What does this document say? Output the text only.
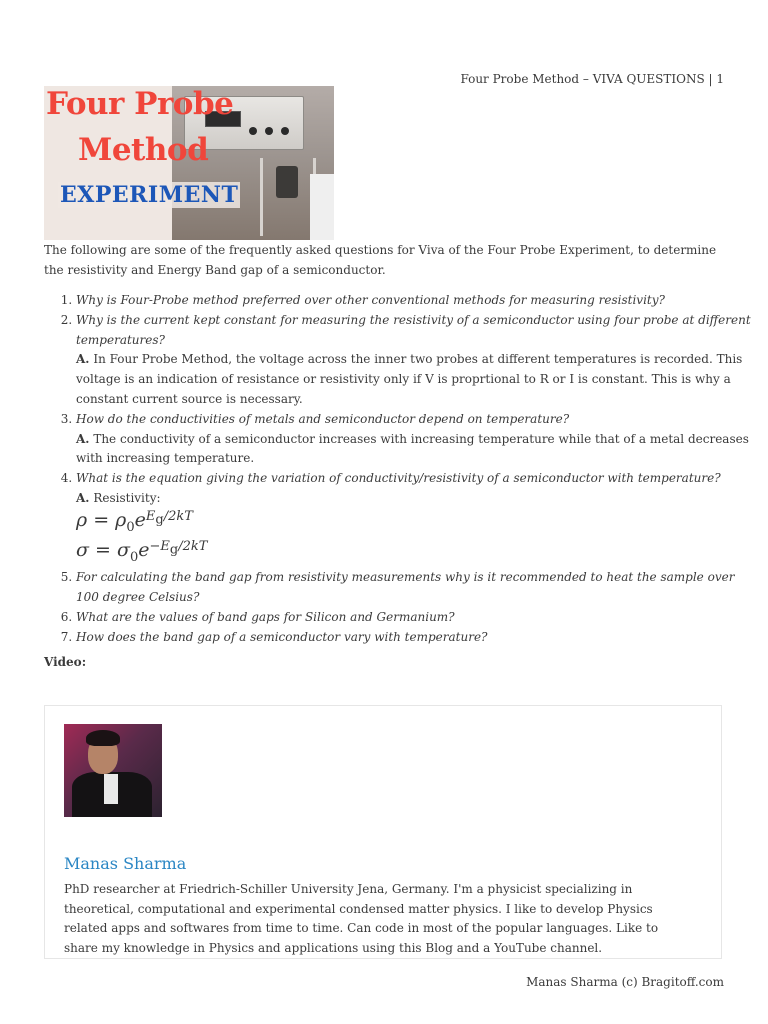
Four Probe Method – VIVA QUESTIONS | 1
Four Probe
Method
EXPERIMENT

The following are some of the frequently asked questions for Viva of the Four Probe Experiment, to determine the resistivity and Energy Band gap of a semiconductor.

1. Why is Four-Probe method preferred over other conventional methods for measuring resistivity?
2. Why is the current kept constant for measuring the resistivity of a semiconductor using four probe at different temperatures?
A. In Four Probe Method, the voltage across the inner two probes at different temperatures is recorded. This voltage is an indication of resistance or resistivity only if V is proprtional to R or I is constant. This is why a constant current source is necessary.
3. How do the conductivities of metals and semiconductor depend on temperature?
A. The conductivity of a semiconductor increases with increasing temperature while that of a metal decreases with increasing temperature.
4. What is the equation giving the variation of conductivity/resistivity of a semiconductor with temperature?
A. Resistivity:
$\rho = \rho_0e^{E_g/2kT}$
$\sigma = \sigma_0e^{-E_g/2kT}$
5. For calculating the band gap from resistivity measurements why is it recommended to heat the sample over 100 degree Celsius?
6. What are the values of band gaps for Silicon and Germanium?
7. How does the band gap of a semiconductor vary with temperature?
Video:
Manas Sharma

PhD researcher at Friedrich-Schiller University Jena, Germany. I'm a physicist specializing in theoretical, computational and experimental condensed matter physics. I like to develop Physics related apps and softwares from time to time. Can code in most of the popular languages. Like to share my knowledge in Physics and applications using this Blog and a YouTube channel.

Manas Sharma (c) Bragitoff.com
